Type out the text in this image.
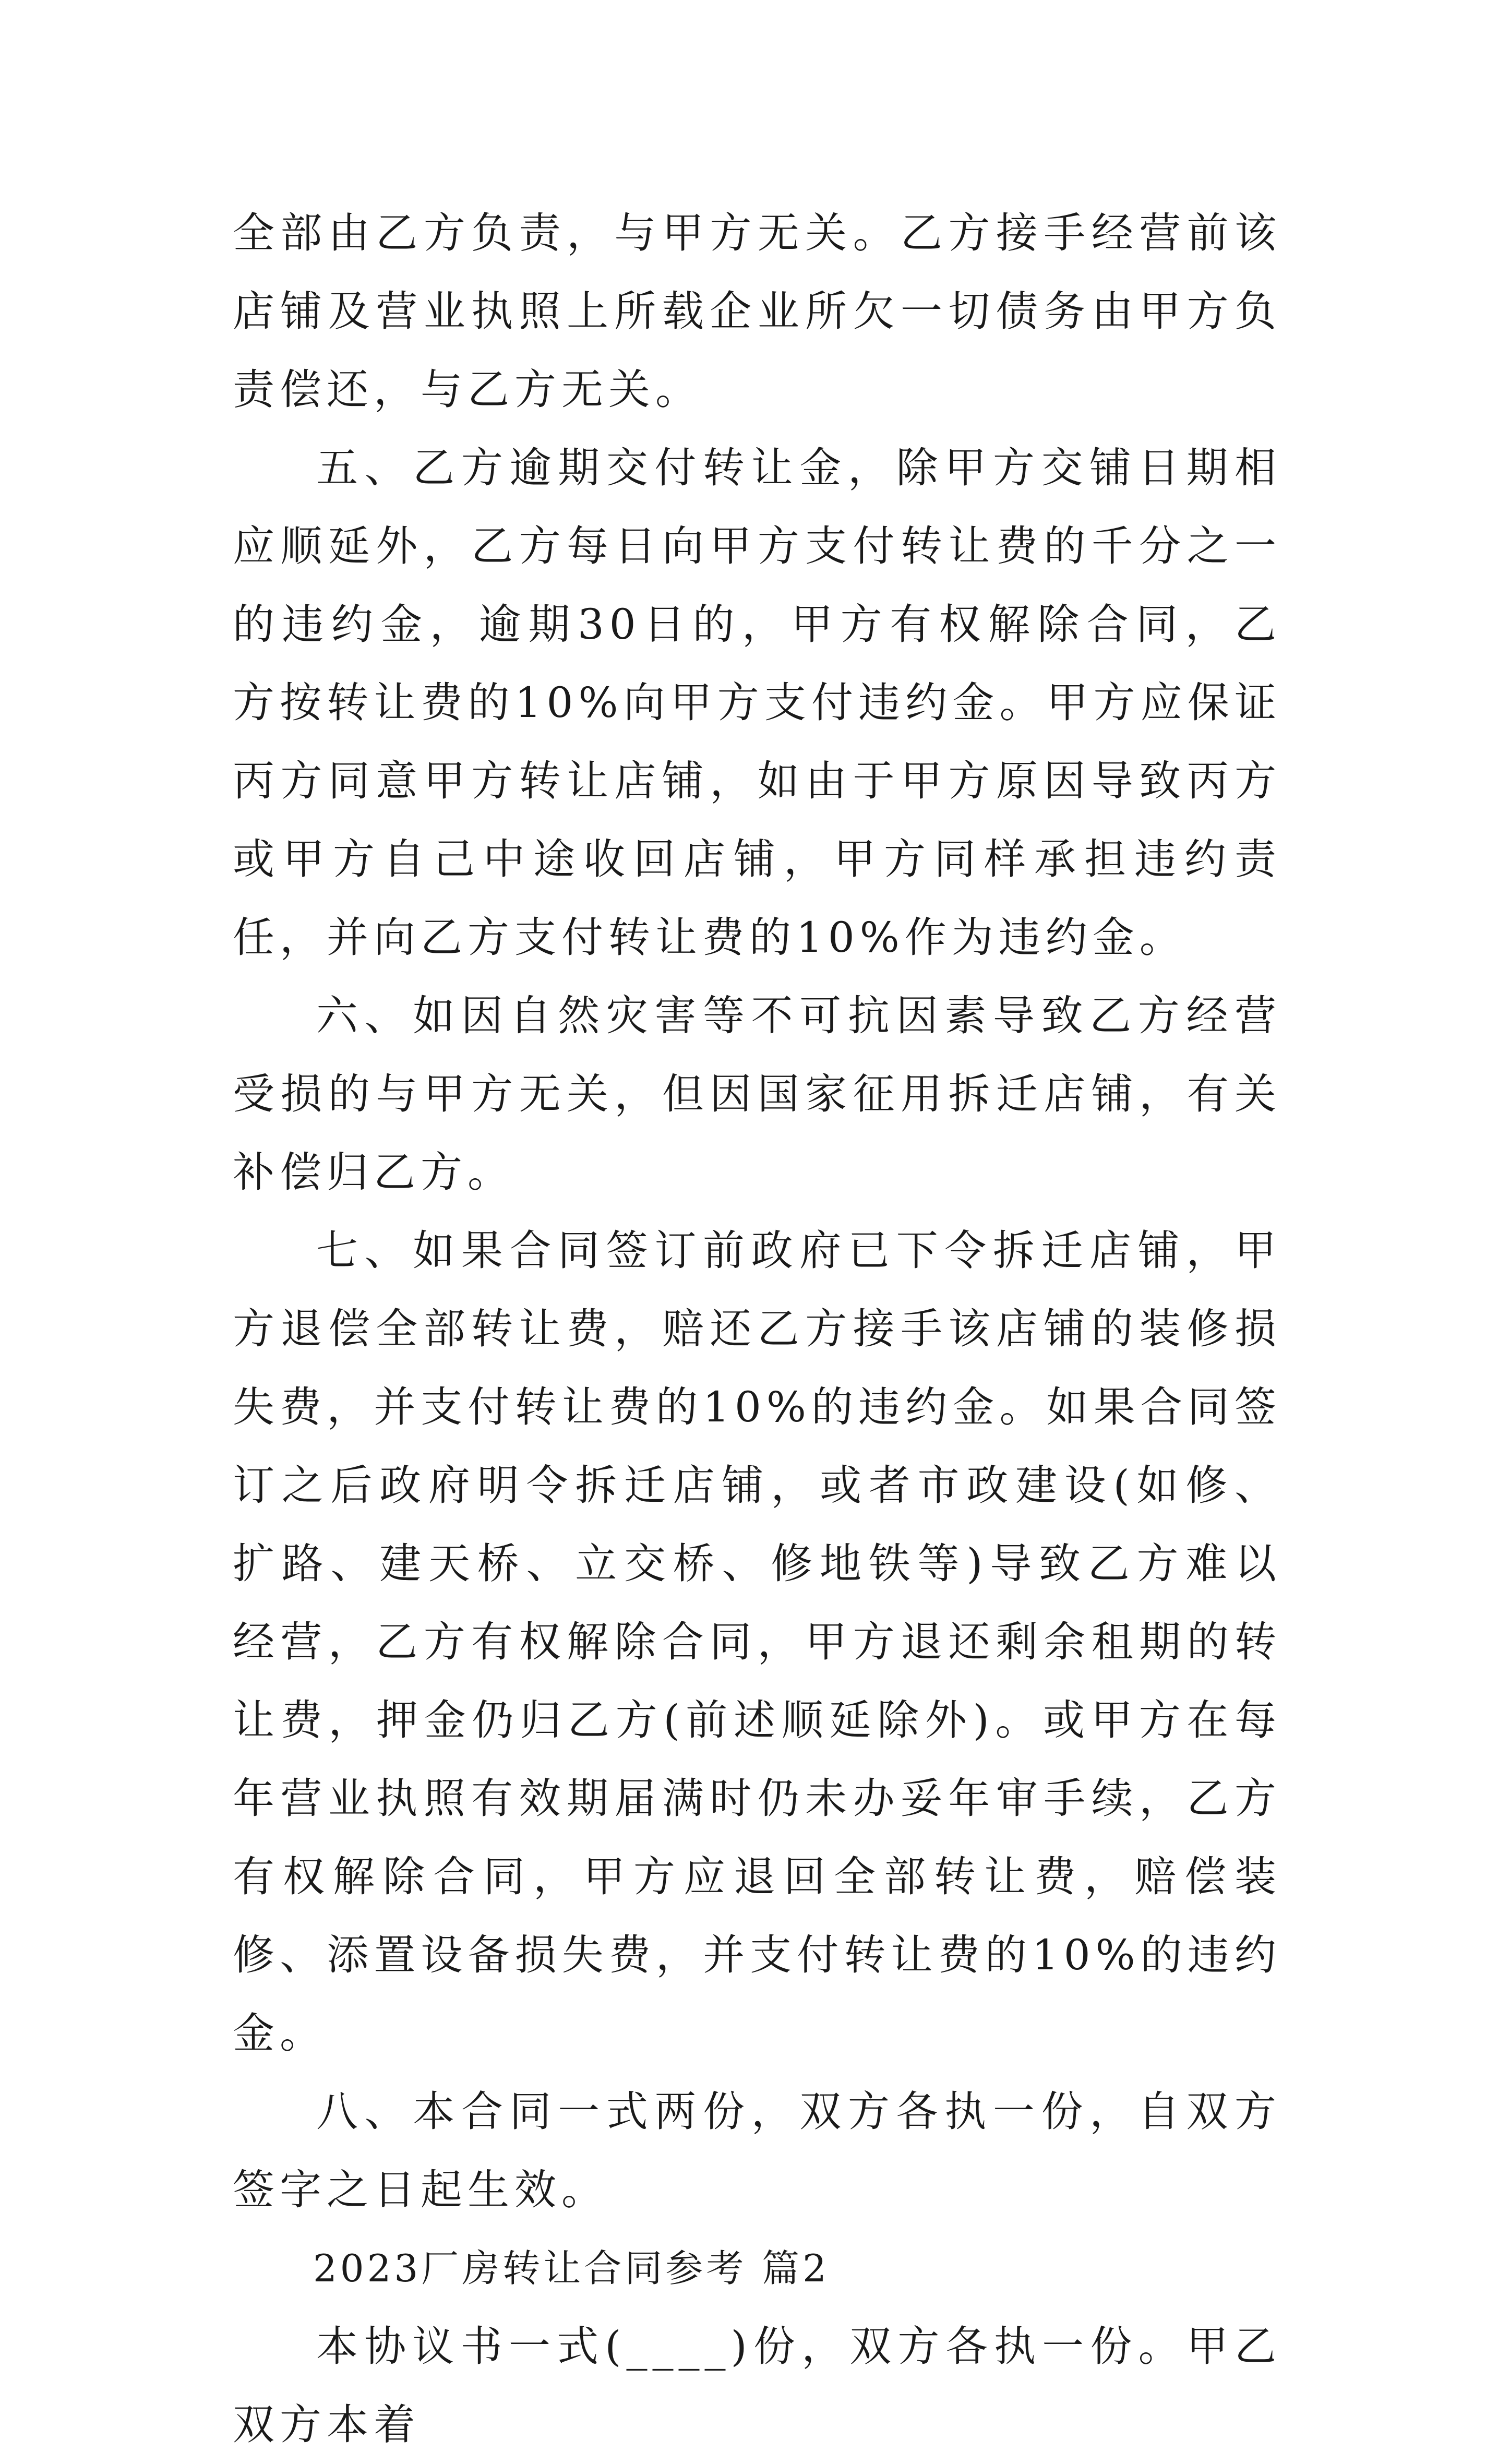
全部由乙方负责，与甲方无关。乙方接手经营前该店铺及营业执照上所载企业所欠一切债务由甲方负责偿还，与乙方无关。

五、乙方逾期交付转让金，除甲方交铺日期相应顺延外，乙方每日向甲方支付转让费的千分之一的违约金，逾期30日的，甲方有权解除合同，乙方按转让费的10%向甲方支付违约金。甲方应保证丙方同意甲方转让店铺，如由于甲方原因导致丙方或甲方自己中途收回店铺，甲方同样承担违约责任，并向乙方支付转让费的10%作为违约金。

六、如因自然灾害等不可抗因素导致乙方经营受损的与甲方无关，但因国家征用拆迁店铺，有关补偿归乙方。

七、如果合同签订前政府已下令拆迁店铺，甲方退偿全部转让费，赔还乙方接手该店铺的装修损失费，并支付转让费的10%的违约金。如果合同签订之后政府明令拆迁店铺，或者市政建设(如修、扩路、建天桥、立交桥、修地铁等)导致乙方难以经营，乙方有权解除合同，甲方退还剩余租期的转让费，押金仍归乙方(前述顺延除外)。或甲方在每年营业执照有效期届满时仍未办妥年审手续，乙方有权解除合同，甲方应退回全部转让费，赔偿装修、添置设备损失费，并支付转让费的10%的违约金。

八、本合同一式两份，双方各执一份，自双方签字之日起生效。

2023厂房转让合同参考 篇2

本协议书一式(____)份，双方各执一份。甲乙双方本着
